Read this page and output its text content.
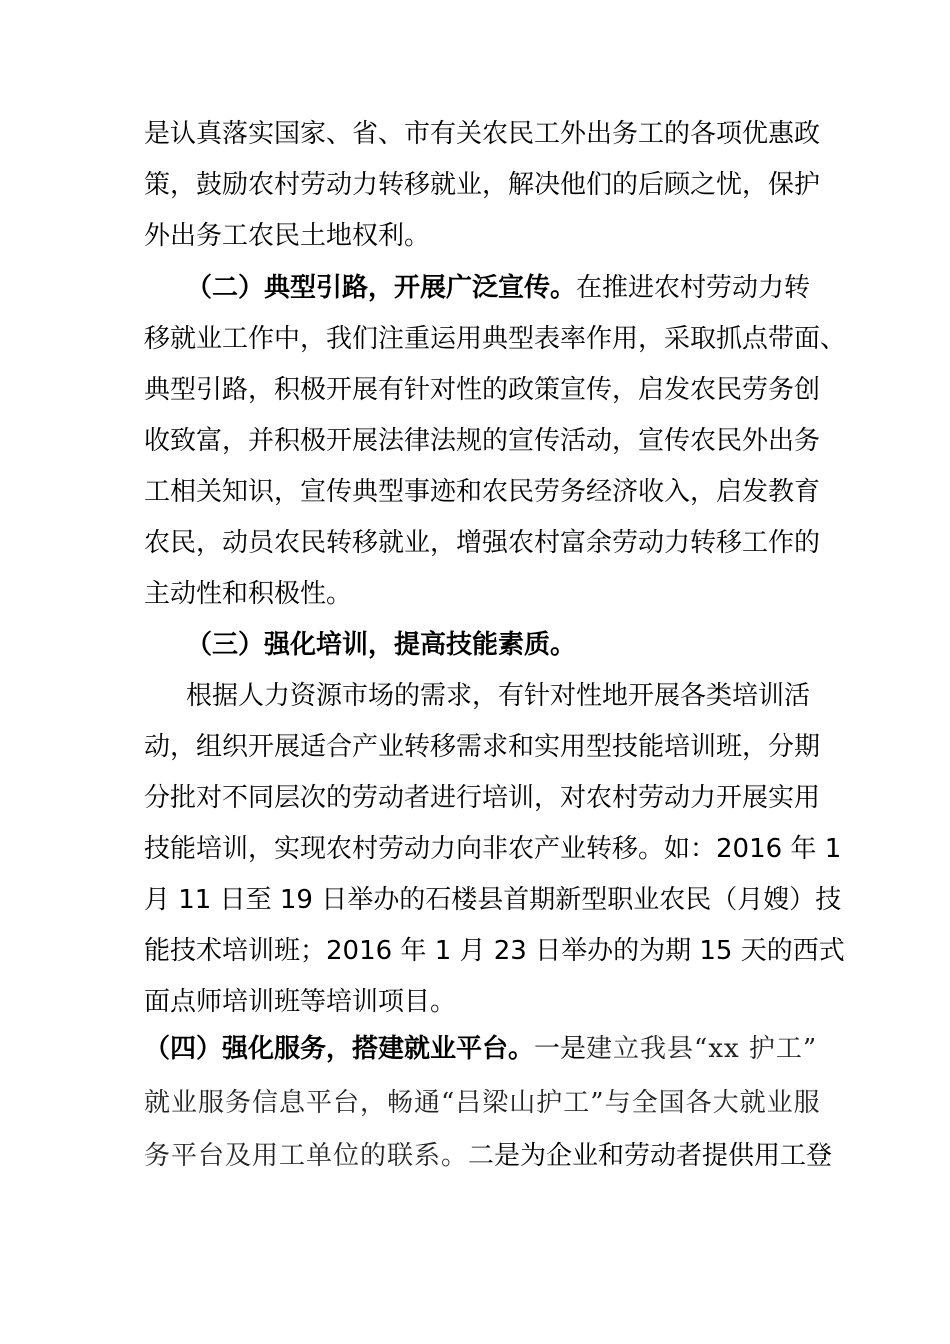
是认真落实国家、省、市有关农民工外出务工的各项优惠政
策，鼓励农村劳动力转移就业，解决他们的后顾之忧，保护
外出务工农民土地权利。
（二）典型引路，开展广泛宣传。在推进农村劳动力转
移就业工作中，我们注重运用典型表率作用，采取抓点带面、
典型引路，积极开展有针对性的政策宣传，启发农民劳务创
收致富，并积极开展法律法规的宣传活动，宣传农民外出务
工相关知识，宣传典型事迹和农民劳务经济收入，启发教育
农民，动员农民转移就业，增强农村富余劳动力转移工作的
主动性和积极性。
（三）强化培训，提高技能素质。
根据人力资源市场的需求，有针对性地开展各类培训活
动，组织开展适合产业转移需求和实用型技能培训班，分期
分批对不同层次的劳动者进行培训，对农村劳动力开展实用
技能培训，实现农村劳动力向非农产业转移。如：2016 年 1
月 11 日至 19 日举办的石楼县首期新型职业农民（月嫂）技
能技术培训班；2016 年 1 月 23 日举办的为期 15 天的西式
面点师培训班等培训项目。
（四）强化服务，搭建就业平台。一是建立我县“xx 护工”
就业服务信息平台，畅通“吕梁山护工”与全国各大就业服
务平台及用工单位的联系。二是为企业和劳动者提供用工登
